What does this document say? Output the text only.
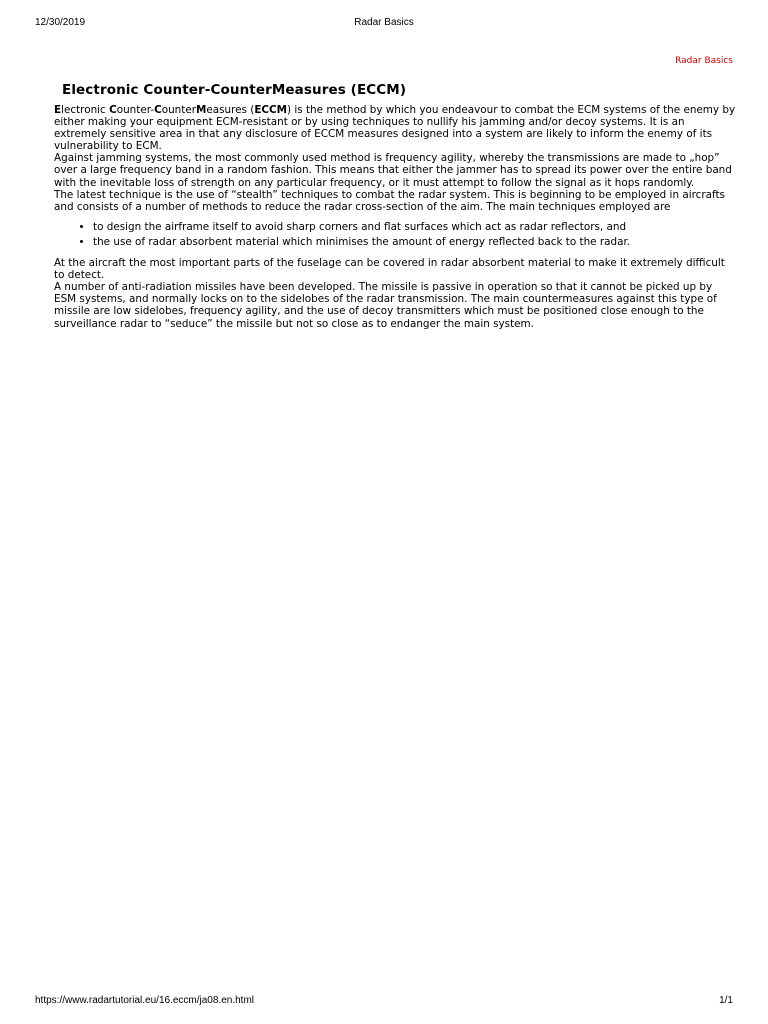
12/30/2019	Radar Basics
Radar Basics
Electronic Counter-CounterMeasures (ECCM)

Electronic Counter-CounterMeasures (ECCM) is the method by which you endeavour to combat the ECM systems of the enemy by either making your equipment ECM-resistant or by using techniques to nullify his jamming and/or decoy systems. It is an extremely sensitive area in that any disclosure of ECCM measures designed into a system are likely to inform the enemy of its vulnerability to ECM.

Against jamming systems, the most commonly used method is frequency agility, whereby the transmissions are made to „hop” over a large frequency band in a random fashion. This means that either the jammer has to spread its power over the entire band with the inevitable loss of strength on any particular frequency, or it must attempt to follow the signal as it hops randomly.

The latest technique is the use of “stealth” techniques to combat the radar system. This is beginning to be employed in aircrafts and consists of a number of methods to reduce the radar cross-section of the aim. The main techniques employed are

• to design the airframe itself to avoid sharp corners and flat surfaces which act as radar reflectors, and
• the use of radar absorbent material which minimises the amount of energy reflected back to the radar.

At the aircraft the most important parts of the fuselage can be covered in radar absorbent material to make it extremely difficult to detect.

A number of anti-radiation missiles have been developed. The missile is passive in operation so that it cannot be picked up by ESM systems, and normally locks on to the sidelobes of the radar transmission. The main countermeasures against this type of missile are low sidelobes, frequency agility, and the use of decoy transmitters which must be positioned close enough to the surveillance radar to “seduce” the missile but not so close as to endanger the main system.

https://www.radartutorial.eu/16.eccm/ja08.en.html	1/1
